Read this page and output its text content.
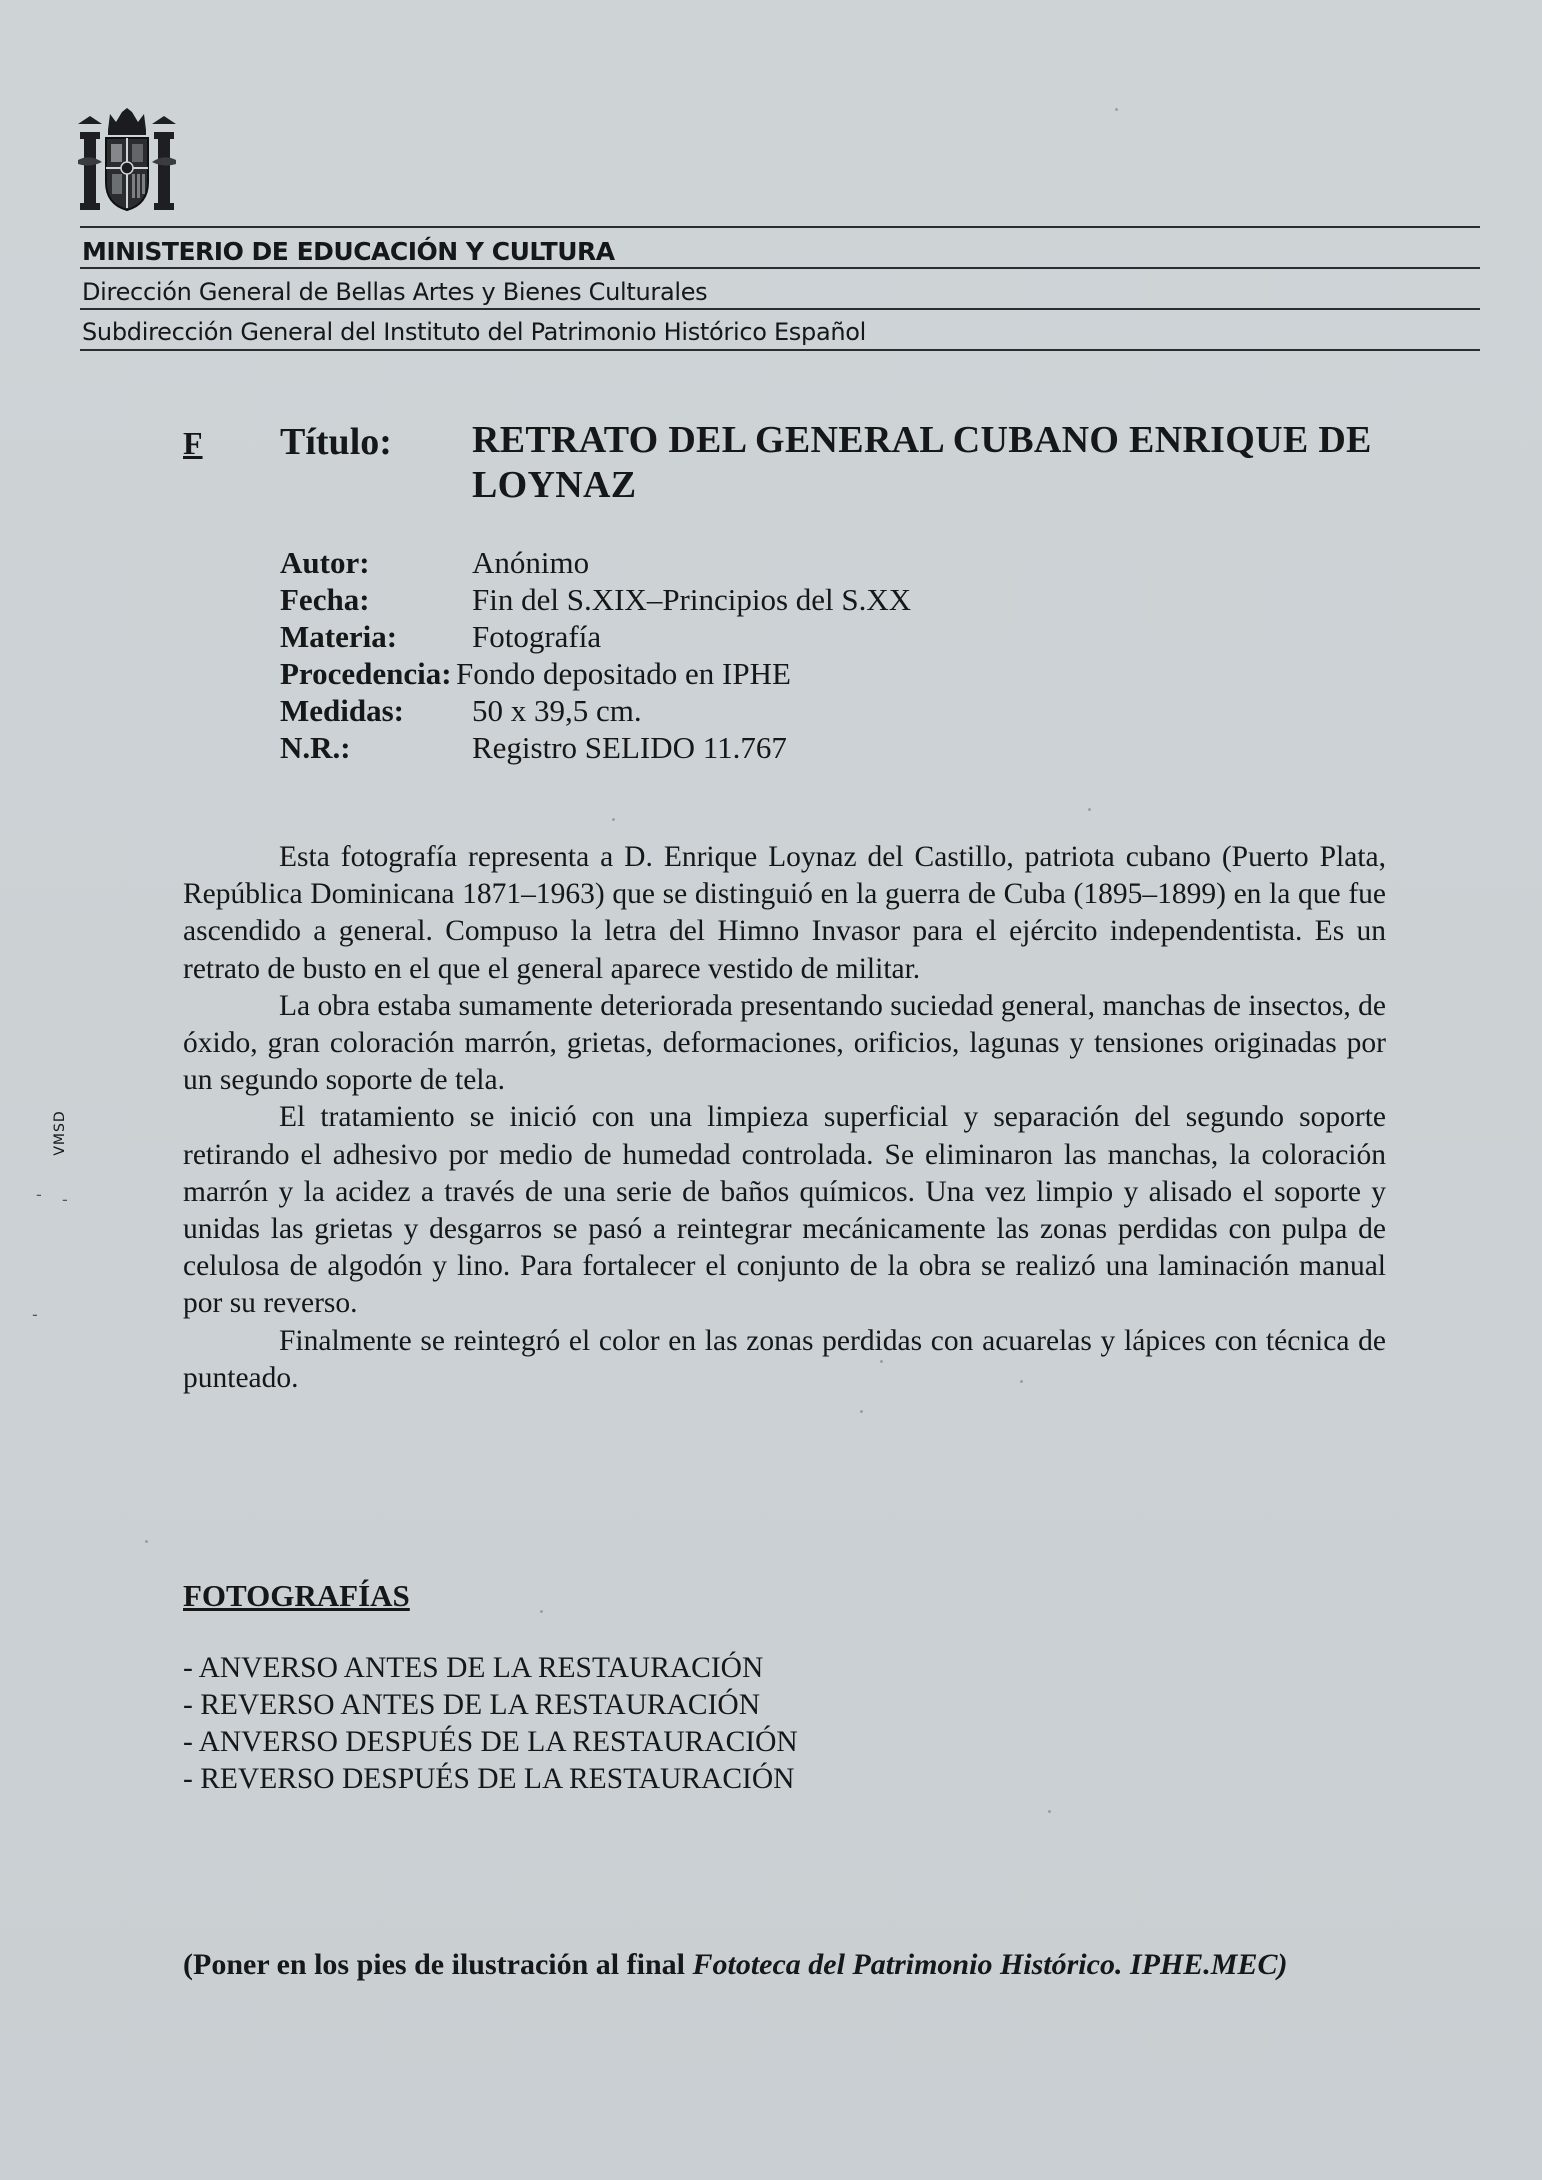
MINISTERIO DE EDUCACIÓN Y CULTURA
Dirección General de Bellas Artes y Bienes Culturales
Subdirección General del Instituto del Patrimonio Histórico Español
VMSD
- -
-
F Título: RETRATO DEL GENERAL CUBANO ENRIQUE DE LOYNAZ
Autor:	Anónimo
Fecha:	Fin del S.XIX–Principios del S.XX
Materia: Fotografía
Procedencia: Fondo depositado en IPHE
Medidas: 50 x 39,5 cm.
N.R.:	Registro SELIDO 11.767

Esta fotografía representa a D. Enrique Loynaz del Castillo, patriota cubano (Puerto Plata, República Dominicana 1871–1963) que se distinguió en la guerra de Cuba (1895–1899) en la que fue ascendido a general. Compuso la letra del Himno Invasor para el ejército independentista. Es un retrato de busto en el que el general aparece vestido de militar.

La obra estaba sumamente deteriorada presentando suciedad general, manchas de insectos, de óxido, gran coloración marrón, grietas, deformaciones, orificios, lagunas y tensiones originadas por un segundo soporte de tela.

El tratamiento se inició con una limpieza superficial y separación del segundo soporte retirando el adhesivo por medio de humedad controlada. Se eliminaron las manchas, la coloración marrón y la acidez a través de una serie de baños químicos. Una vez limpio y alisado el soporte y unidas las grietas y desgarros se pasó a reintegrar mecánicamente las zonas perdidas con pulpa de celulosa de algodón y lino. Para fortalecer el conjunto de la obra se realizó una laminación manual por su reverso.

Finalmente se reintegró el color en las zonas perdidas con acuarelas y lápices con técnica de punteado.

FOTOGRAFÍAS
- ANVERSO ANTES DE LA RESTAURACIÓN
- REVERSO ANTES DE LA RESTAURACIÓN
- ANVERSO DESPUÉS DE LA RESTAURACIÓN
- REVERSO DESPUÉS DE LA RESTAURACIÓN
(Poner en los pies de ilustración al final Fototeca del Patrimonio Histórico. IPHE.MEC)
